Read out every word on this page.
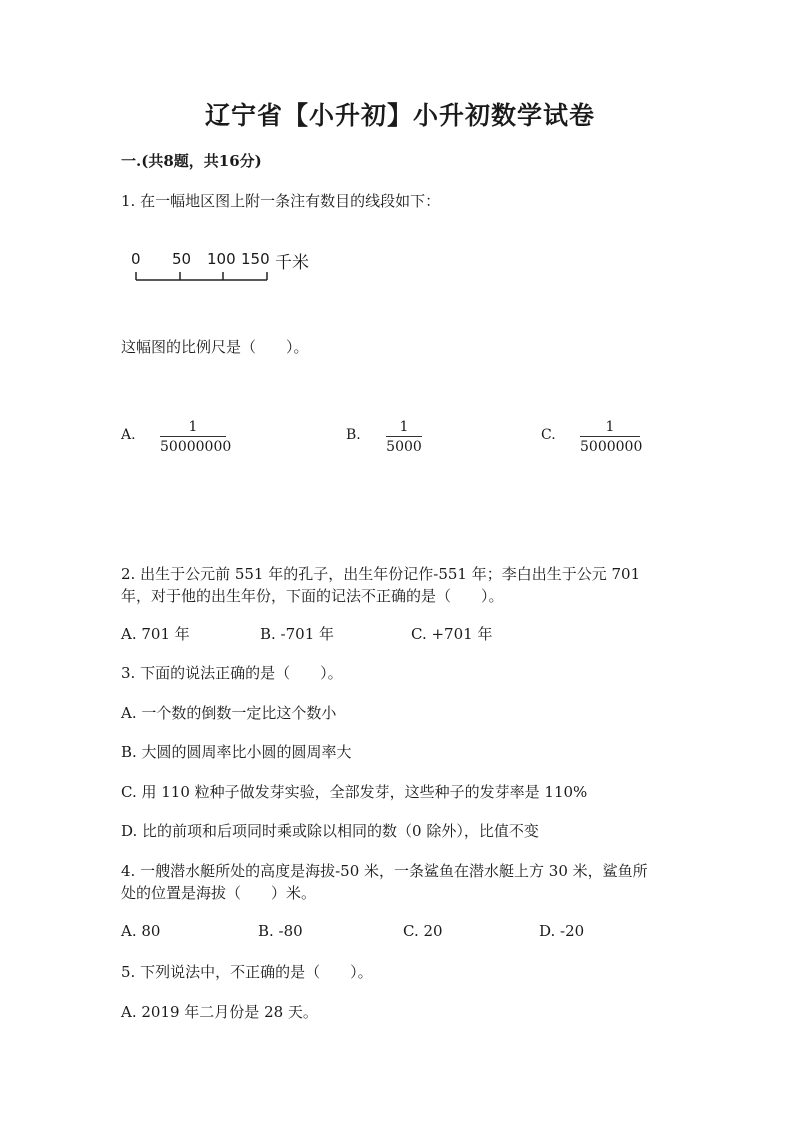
辽宁省【小升初】小升初数学试卷
一.(共8题，共16分)
1. 在一幅地区图上附一条注有数目的线段如下：
0 50 100 150 千米
这幅图的比例尺是（　　）。
A.	1
50000000
B.	1
5000
C.	1
5000000
2. 出生于公元前 551 年的孔子，出生年份记作-551 年；李白出生于公元 701
年，对于他的出生年份，下面的记法不正确的是（　　）。
A. 701 年	B. -701 年	C. +701 年
3. 下面的说法正确的是（　　）。
A. 一个数的倒数一定比这个数小
B. 大圆的圆周率比小圆的圆周率大
C. 用 110 粒种子做发芽实验，全部发芽，这些种子的发芽率是 110%
D. 比的前项和后项同时乘或除以相同的数（0 除外），比值不变
4. 一艘潜水艇所处的高度是海拔-50 米，一条鲨鱼在潜水艇上方 30 米，鲨鱼所
处的位置是海拔（　　）米。
A. 80	B. -80	C. 20	D. -20
5. 下列说法中，不正确的是（　　）。
A. 2019 年二月份是 28 天。
